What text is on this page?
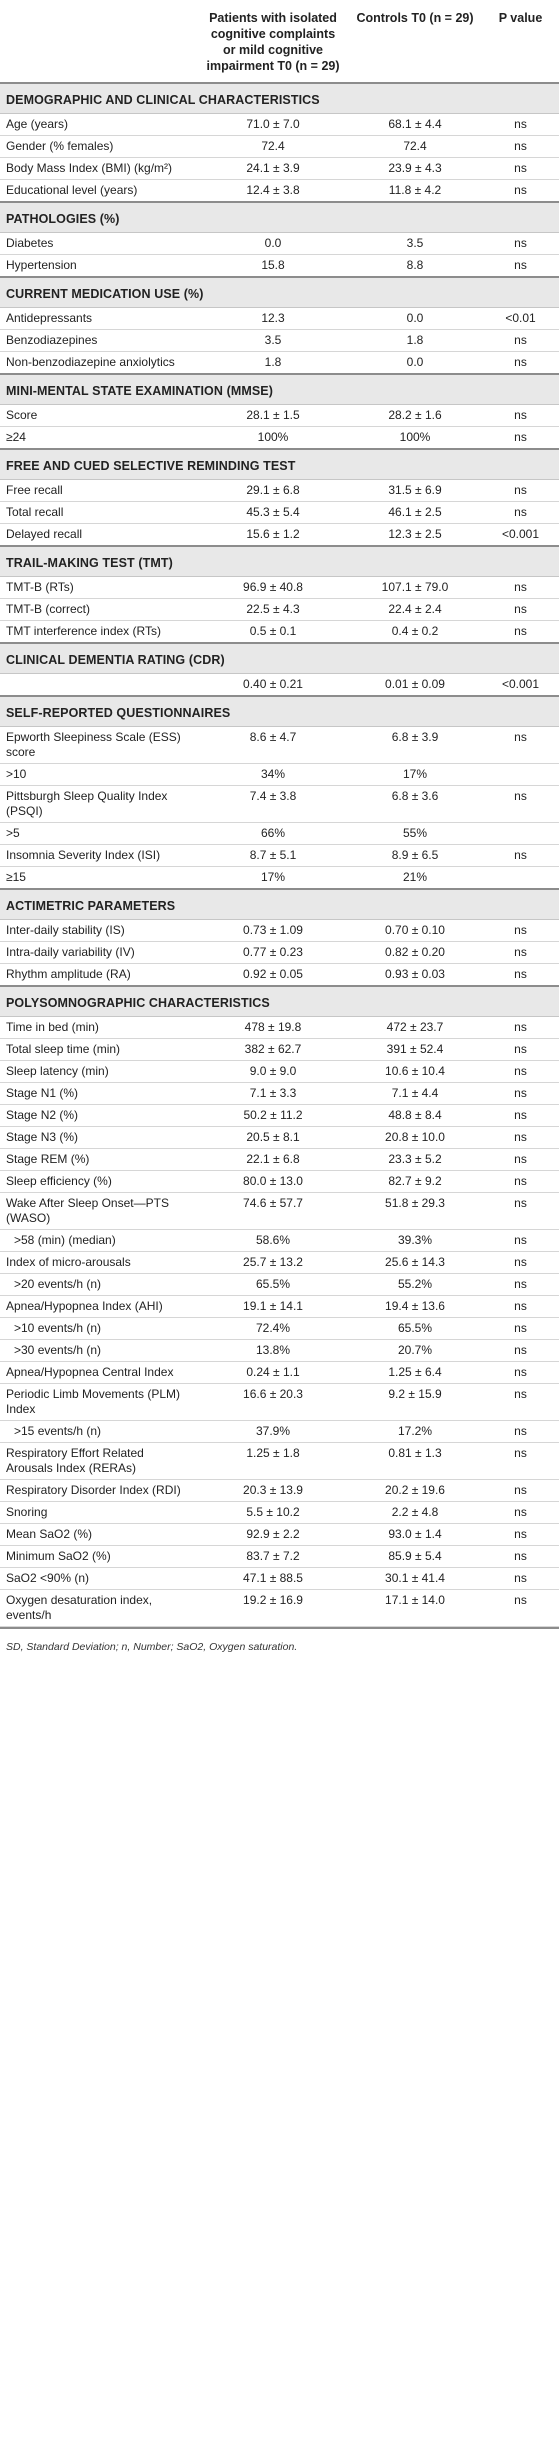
	Patients with isolated cognitive complaints or mild cognitive impairment T0 (n = 29)	Controls T0 (n = 29)	P value
DEMOGRAPHIC AND CLINICAL CHARACTERISTICS			
Age (years)	71.0 ± 7.0	68.1 ± 4.4	ns
Gender (% females)	72.4	72.4	ns
Body Mass Index (BMI) (kg/m²)	24.1 ± 3.9	23.9 ± 4.3	ns
Educational level (years)	12.4 ± 3.8	11.8 ± 4.2	ns
PATHOLOGIES (%)			
Diabetes	0.0	3.5	ns
Hypertension	15.8	8.8	ns
CURRENT MEDICATION USE (%)			
Antidepressants	12.3	0.0	<0.01
Benzodiazepines	3.5	1.8	ns
Non-benzodiazepine anxiolytics	1.8	0.0	ns
MINI-MENTAL STATE EXAMINATION (MMSE)			
Score	28.1 ± 1.5	28.2 ± 1.6	ns
≥24	100%	100%	ns
FREE AND CUED SELECTIVE REMINDING TEST			
Free recall	29.1 ± 6.8	31.5 ± 6.9	ns
Total recall	45.3 ± 5.4	46.1 ± 2.5	ns
Delayed recall	15.6 ± 1.2	12.3 ± 2.5	<0.001
TRAIL-MAKING TEST (TMT)			
TMT-B (RTs)	96.9 ± 40.8	107.1 ± 79.0	ns
TMT-B (correct)	22.5 ± 4.3	22.4 ± 2.4	ns
TMT interference index (RTs)	0.5 ± 0.1	0.4 ± 0.2	ns
CLINICAL DEMENTIA RATING (CDR)			
	0.40 ± 0.21	0.01 ± 0.09	<0.001
SELF-REPORTED QUESTIONNAIRES			
Epworth Sleepiness Scale (ESS) score	8.6 ± 4.7	6.8 ± 3.9	ns
>10	34%	17%	
Pittsburgh Sleep Quality Index (PSQI)	7.4 ± 3.8	6.8 ± 3.6	ns
>5	66%	55%	
Insomnia Severity Index (ISI)	8.7 ± 5.1	8.9 ± 6.5	ns
≥15	17%	21%	
ACTIMETRIC PARAMETERS			
Inter-daily stability (IS)	0.73 ± 1.09	0.70 ± 0.10	ns
Intra-daily variability (IV)	0.77 ± 0.23	0.82 ± 0.20	ns
Rhythm amplitude (RA)	0.92 ± 0.05	0.93 ± 0.03	ns
POLYSOMNOGRAPHIC CHARACTERISTICS			
Time in bed (min)	478 ± 19.8	472 ± 23.7	ns
Total sleep time (min)	382 ± 62.7	391 ± 52.4	ns
Sleep latency (min)	9.0 ± 9.0	10.6 ± 10.4	ns
Stage N1 (%)	7.1 ± 3.3	7.1 ± 4.4	ns
Stage N2 (%)	50.2 ± 11.2	48.8 ± 8.4	ns
Stage N3 (%)	20.5 ± 8.1	20.8 ± 10.0	ns
Stage REM (%)	22.1 ± 6.8	23.3 ± 5.2	ns
Sleep efficiency (%)	80.0 ± 13.0	82.7 ± 9.2	ns
Wake After Sleep Onset—PTS (WASO)	74.6 ± 57.7	51.8 ± 29.3	ns
>58 (min) (median)	58.6%	39.3%	ns
Index of micro-arousals	25.7 ± 13.2	25.6 ± 14.3	ns
>20 events/h (n)	65.5%	55.2%	ns
Apnea/Hypopnea Index (AHI)	19.1 ± 14.1	19.4 ± 13.6	ns
>10 events/h (n)	72.4%	65.5%	ns
>30 events/h (n)	13.8%	20.7%	ns
Apnea/Hypopnea Central Index	0.24 ± 1.1	1.25 ± 6.4	ns
Periodic Limb Movements (PLM) Index	16.6 ± 20.3	9.2 ± 15.9	ns
>15 events/h (n)	37.9%	17.2%	ns
Respiratory Effort Related Arousals Index (RERAs)	1.25 ± 1.8	0.81 ± 1.3	ns
Respiratory Disorder Index (RDI)	20.3 ± 13.9	20.2 ± 19.6	ns
Snoring	5.5 ± 10.2	2.2 ± 4.8	ns
Mean SaO2 (%)	92.9 ± 2.2	93.0 ± 1.4	ns
Minimum SaO2 (%)	83.7 ± 7.2	85.9 ± 5.4	ns
SaO2 <90% (n)	47.1 ± 88.5	30.1 ± 41.4	ns
Oxygen desaturation index, events/h	19.2 ± 16.9	17.1 ± 14.0	ns
SD, Standard Deviation; n, Number; SaO2, Oxygen saturation.
